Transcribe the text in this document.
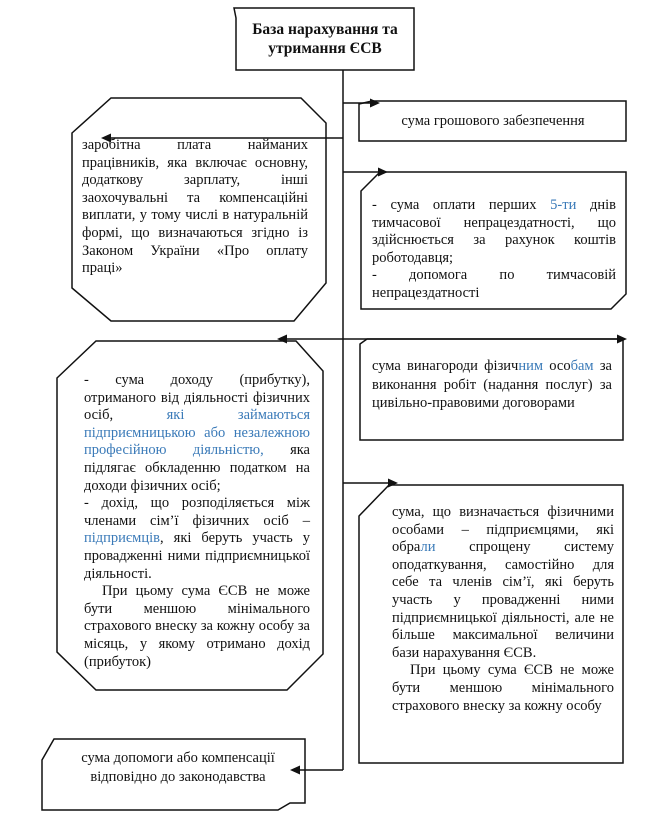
База нарахування та утримання ЄСВ
сума грошового забезпечення
заробітна плата найманих працівників, яка включає основну, додаткову зарплату, інші заохочувальні та компенсаційні виплати, у тому числі в натуральній формі, що визначаються згідно із Законом України «Про оплату праці»

- сума оплати перших 5-ти днів тимчасової непрацездатності, що здійснюється за рахунок коштів роботодавця;

- допомога по тимчасовій непрацездатності

сума винагороди фізичним особам за виконання робіт (надання послуг) за цивільно-правовими договорами

- сума доходу (прибутку), отриманого від діяльності фізичних осіб, які займаються підприємницькою або незалежною професійною діяльністю, яка підлягає обкладенню податком на доходи фізичних осіб;

- дохід, що розподіляється між членами сім’ї фізичних осіб – підприємців, які беруть участь у провадженні ними підприємницької діяльності.

При цьому сума ЄСВ не може бути меншою мінімального страхового внеску за кожну особу за місяць, у якому отримано дохід (прибуток)

сума, що визначається фізичними особами – підприємцями, які обрали спрощену систему оподаткування, самостійно для себе та членів сім’ї, які беруть участь у провадженні ними підприємницької діяльності, але не більше максимальної величини бази нарахування ЄСВ.

При цьому сума ЄСВ не може бути меншою мінімального страхового внеску за кожну особу

сума допомоги або компенсації відповідно до законодавства
